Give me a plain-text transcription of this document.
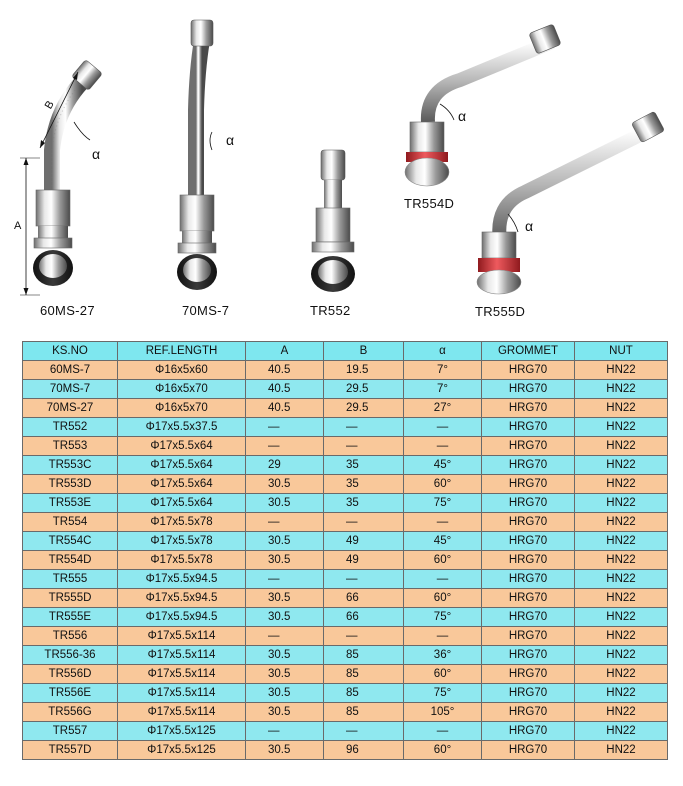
A
B
α
α
α
α
60MS-27	70MS-7	TR552
TR554D
TR555D
KS.NO	REF.LENGTH	A	B	α	GROMMET	NUT
60MS-7	Φ16x5x60	40.5	19.5	7°	HRG70	HN22
70MS-7	Φ16x5x70	40.5	29.5	7°	HRG70	HN22
70MS-27	Φ16x5x70	40.5	29.5	27°	HRG70	HN22
TR552	Φ17x5.5x37.5	—	—	—	HRG70	HN22
TR553	Φ17x5.5x64	—	—	—	HRG70	HN22
TR553C	Φ17x5.5x64	29	35	45°	HRG70	HN22
TR553D	Φ17x5.5x64	30.5	35	60°	HRG70	HN22
TR553E	Φ17x5.5x64	30.5	35	75°	HRG70	HN22
TR554	Φ17x5.5x78	—	—	—	HRG70	HN22
TR554C	Φ17x5.5x78	30.5	49	45°	HRG70	HN22
TR554D	Φ17x5.5x78	30.5	49	60°	HRG70	HN22
TR555	Φ17x5.5x94.5	—	—	—	HRG70	HN22
TR555D	Φ17x5.5x94.5	30.5	66	60°	HRG70	HN22
TR555E	Φ17x5.5x94.5	30.5	66	75°	HRG70	HN22
TR556	Φ17x5.5x114	—	—	—	HRG70	HN22
TR556-36	Φ17x5.5x114	30.5	85	36°	HRG70	HN22
TR556D	Φ17x5.5x114	30.5	85	60°	HRG70	HN22
TR556E	Φ17x5.5x114	30.5	85	75°	HRG70	HN22
TR556G	Φ17x5.5x114	30.5	85	105°	HRG70	HN22
TR557	Φ17x5.5x125	—	—	—	HRG70	HN22
TR557D	Φ17x5.5x125	30.5	96	60°	HRG70	HN22
